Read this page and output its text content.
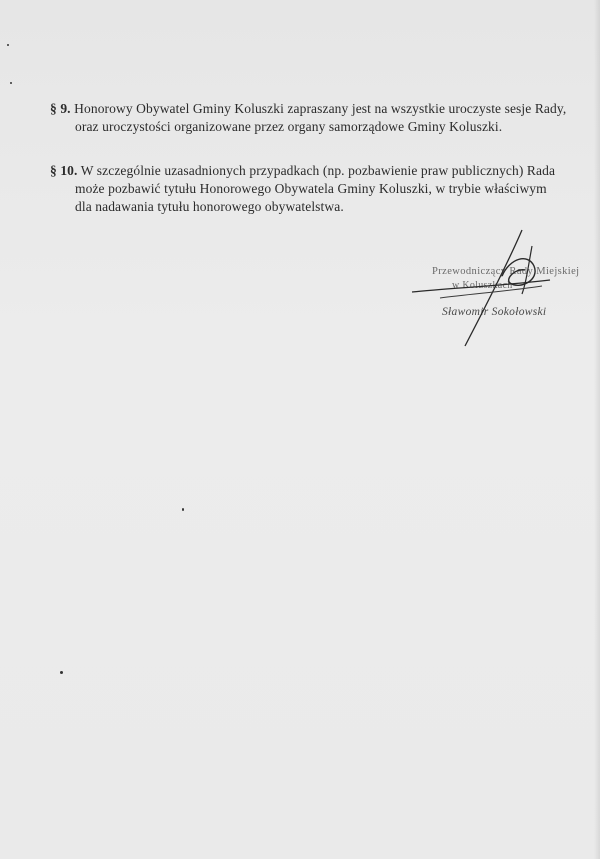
§ 9. Honorowy Obywatel Gminy Koluszki zapraszany jest na wszystkie uroczyste sesje Rady,
oraz uroczystości organizowane przez organy samorządowe Gminy Koluszki.
§ 10. W szczególnie uzasadnionych przypadkach (np. pozbawienie praw publicznych) Rada
może pozbawić tytułu Honorowego Obywatela Gminy Koluszki, w trybie właściwym
dla nadawania tytułu honorowego obywatelstwa.
Przewodniczący Rady Miejskiej
w Koluszkach
Sławomir Sokołowski
